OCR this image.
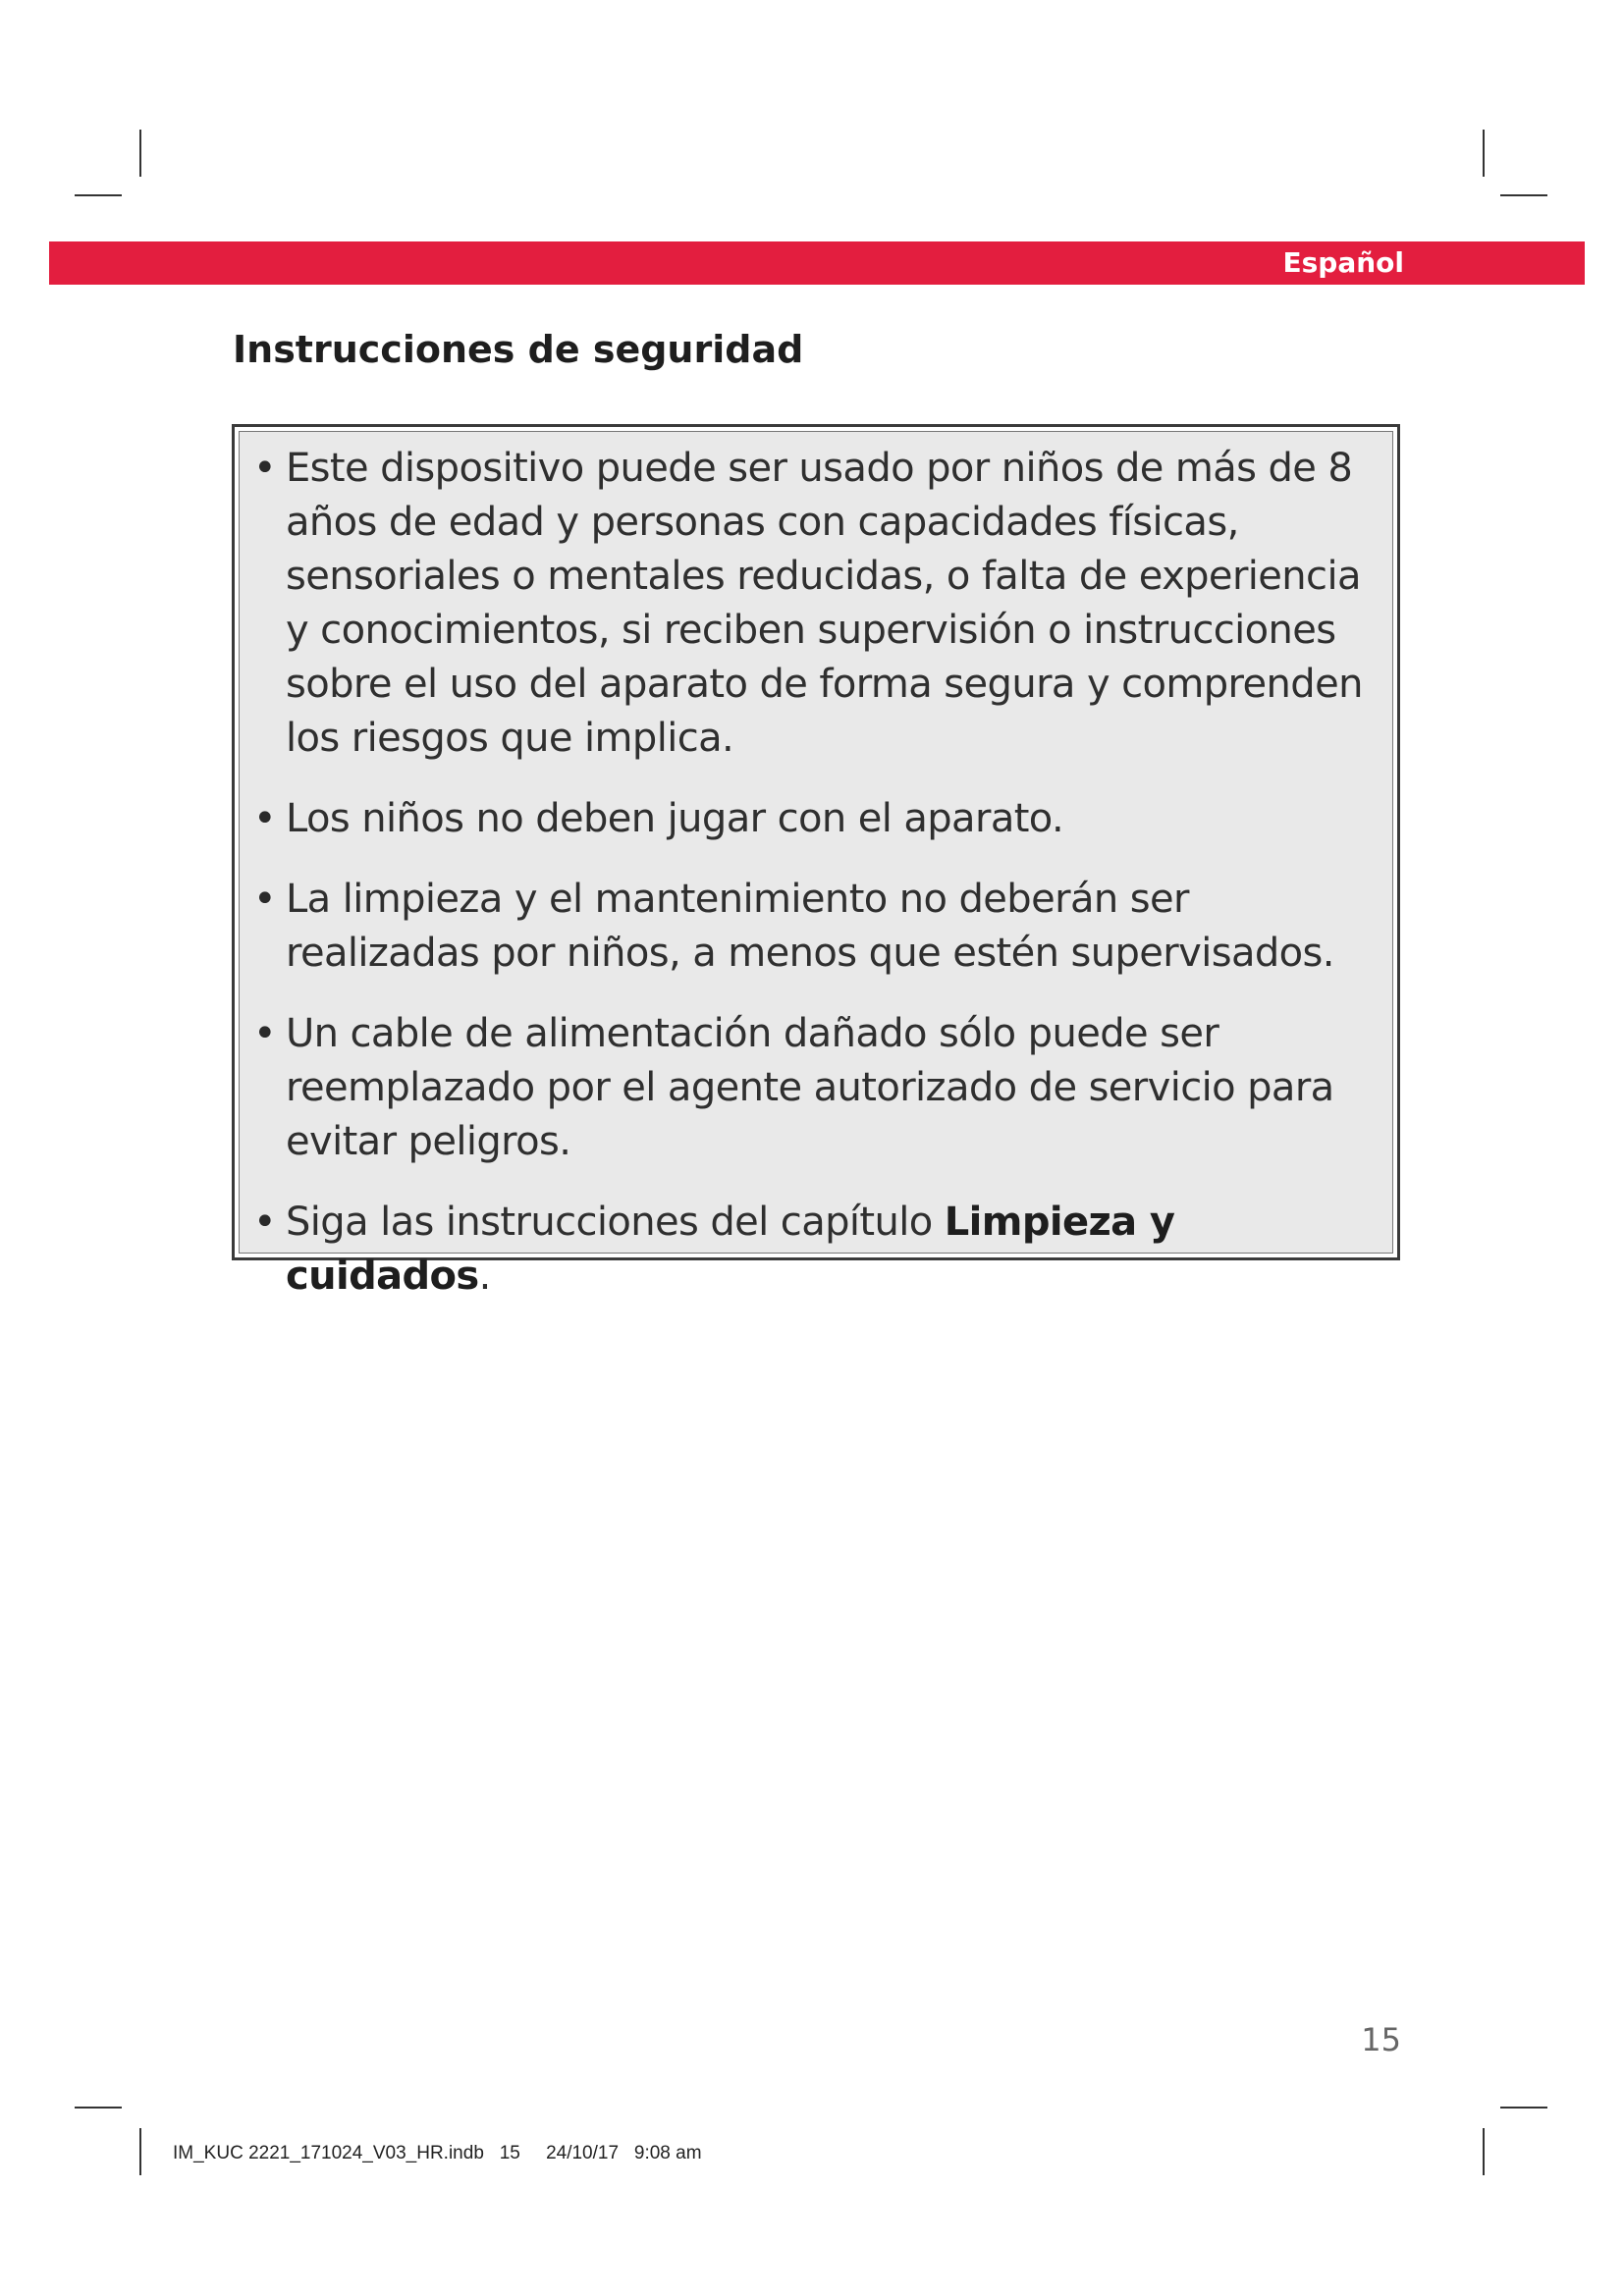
Español
Instrucciones de seguridad
• Este dispositivo puede ser usado por niños de más de 8 años de edad y personas con capacidades físicas, sensoriales o mentales reducidas, o falta de experiencia y conocimientos, si reciben supervisión o instrucciones sobre el uso del aparato de forma segura y comprenden los riesgos que implica.
• Los niños no deben jugar con el aparato.
• La limpieza y el mantenimiento no deberán ser realizadas por niños, a menos que estén supervisados.
• Un cable de alimentación dañado sólo puede ser reemplazado por el agente autorizado de servicio para evitar peligros.
• Siga las instrucciones del capítulo Limpieza y cuidados.
15
IM_KUC 2221_171024_V03_HR.indb   15	24/10/17   9:08 am
